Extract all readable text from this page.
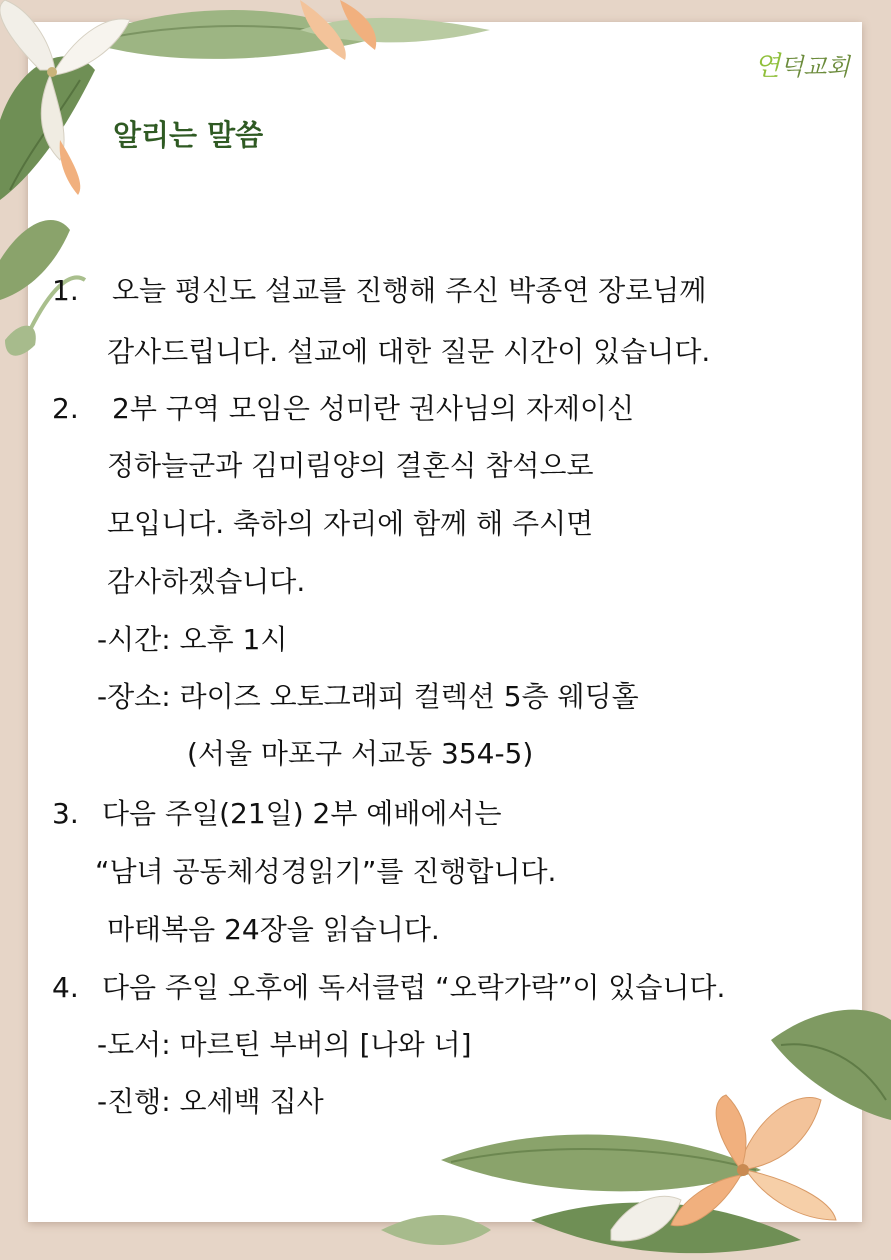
연덕교회
알리는 말씀
1. 오늘 평신도 설교를 진행해 주신 박종연 장로님께
감사드립니다. 설교에 대한 질문 시간이 있습니다.
2. 2부 구역 모임은 성미란 권사님의 자제이신
정하늘군과 김미림양의 결혼식 참석으로
모입니다. 축하의 자리에 함께 해 주시면
감사하겠습니다.
-시간: 오후 1시
-장소: 라이즈 오토그래피 컬렉션 5층 웨딩홀
(서울 마포구 서교동 354-5)
3. 다음 주일(21일) 2부 예배에서는
“남녀 공동체성경읽기”를 진행합니다.
마태복음 24장을 읽습니다.
4. 다음 주일 오후에 독서클럽 “오락가락”이 있습니다.
-도서: 마르틴 부버의 [나와 너]
-진행: 오세백 집사
